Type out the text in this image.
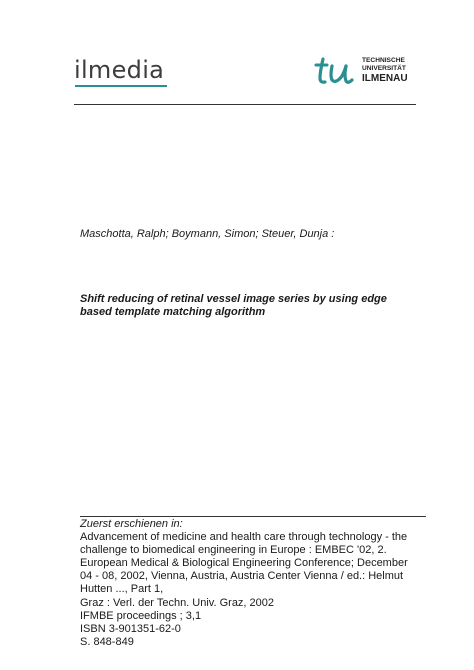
ilmedia	TECHNISCHE
UNIVERSITÄT
ILMENAU
Maschotta, Ralph; Boymann, Simon; Steuer, Dunja :
Shift reducing of retinal vessel image series by using edge
based template matching algorithm
Zuerst erschienen in:
Advancement of medicine and health care through technology - the
challenge to biomedical engineering in Europe : EMBEC '02, 2.
European Medical & Biological Engineering Conference; December
04 - 08, 2002, Vienna, Austria, Austria Center Vienna / ed.: Helmut
Hutten ..., Part 1,
Graz : Verl. der Techn. Univ. Graz, 2002
IFMBE proceedings ; 3,1
ISBN 3-901351-62-0
S. 848-849
